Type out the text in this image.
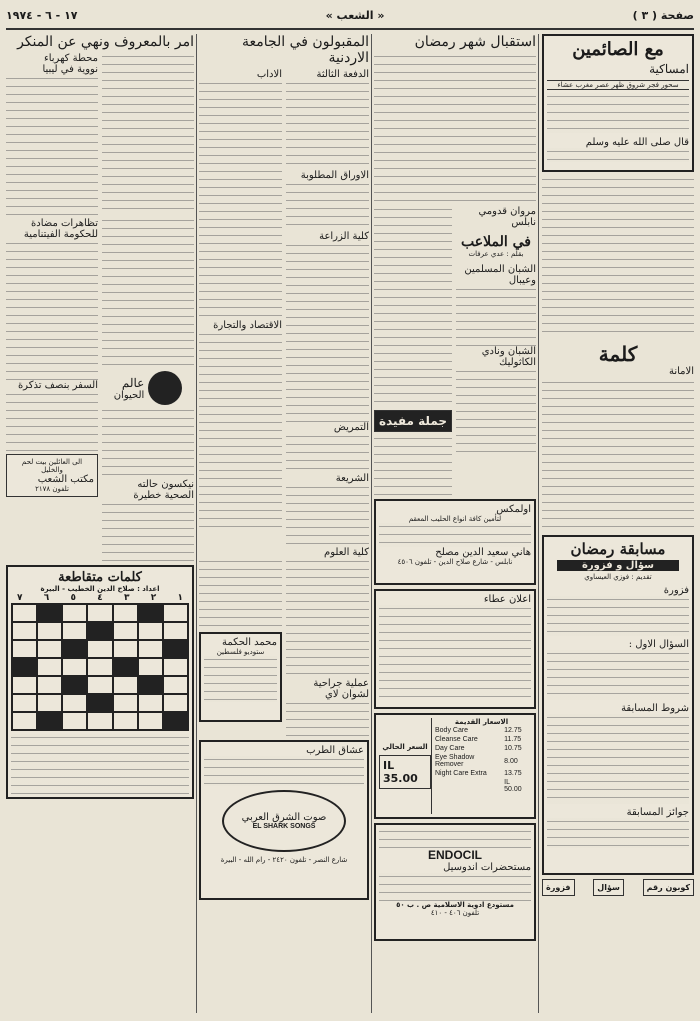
صفحة ( ٣ )
« الشعب »
١٧ - ٦ - ١٩٧٤
مع الصائمين
امساكية
سحور فجر شروق ظهر عصر مغرب عشاء
قال صلى الله عليه وسلم
كلمة
الامانة
مسابقة رمضان
سؤال و فزورة
تقديم : فوزي العيساوي
فزورة
السؤال الاول :
شروط المسابقة
جوائز المسابقة
كوبون رقم
سؤال
فزورة
استقبال شهر رمضان
مروان قدومي
نابلس
في الملاعب
بقلم : عدي عرفات
الشبان المسلمين وعيبال
الشبان ونادي الكاثوليك
جملة مفيدة
اولمكس
لتأمين كافة انواع الحليب المعقم
هاني سعيد الدين مصلح
نابلس - شارع صلاح الدين - تلفون ٤٥٠٦
اعلان عطاء
السعر الحالي
IL 35.00
الاسعار القديمة
Body Care	12.75
Cleanse Care	11.75
Day Care	10.75
Eye Shadow Remover	8.00
Night Care Extra	13.75
	IL 50.00
ENDOCIL
مستحضرات اندوسيل
مستودع ادوية الاسلامية ص . ب ٥٠
تلفون ٤٠٦ - ٤١٠
المقبولون في الجامعة الاردنية
الدفعة الثالثة
الاوراق المطلوبة
كلية الزراعة
التمريض
الشريعة
الاداب
الاقتصاد والتجارة
كلية العلوم
عملية جراحية لشوان لاي
محمد الحكمة
ستوديو فلسطين
عشاق الطرب
صوت الشرق العربي
EL SHARK SONGS
شارع النصر - تلفون ٢٤٢٠ - رام الله - البيرة
امر بالمعروف ونهي عن المنكر
عالم
الحيوان
نيكسون حالته
الصحية خطيرة
محطة كهرباء
نووية في ليبيا
تظاهرات مضادة
للحكومة الفيتنامية
السفر بنصف تذكرة
الى العائلين بيت لحم والخليل
مكتب الشعب
تلفون ٢١٧٨
كلمات متقاطعة
اعداد : صلاح الدين الخطيب - البيرة
١
٢
٣
٤
٥
٦
٧
